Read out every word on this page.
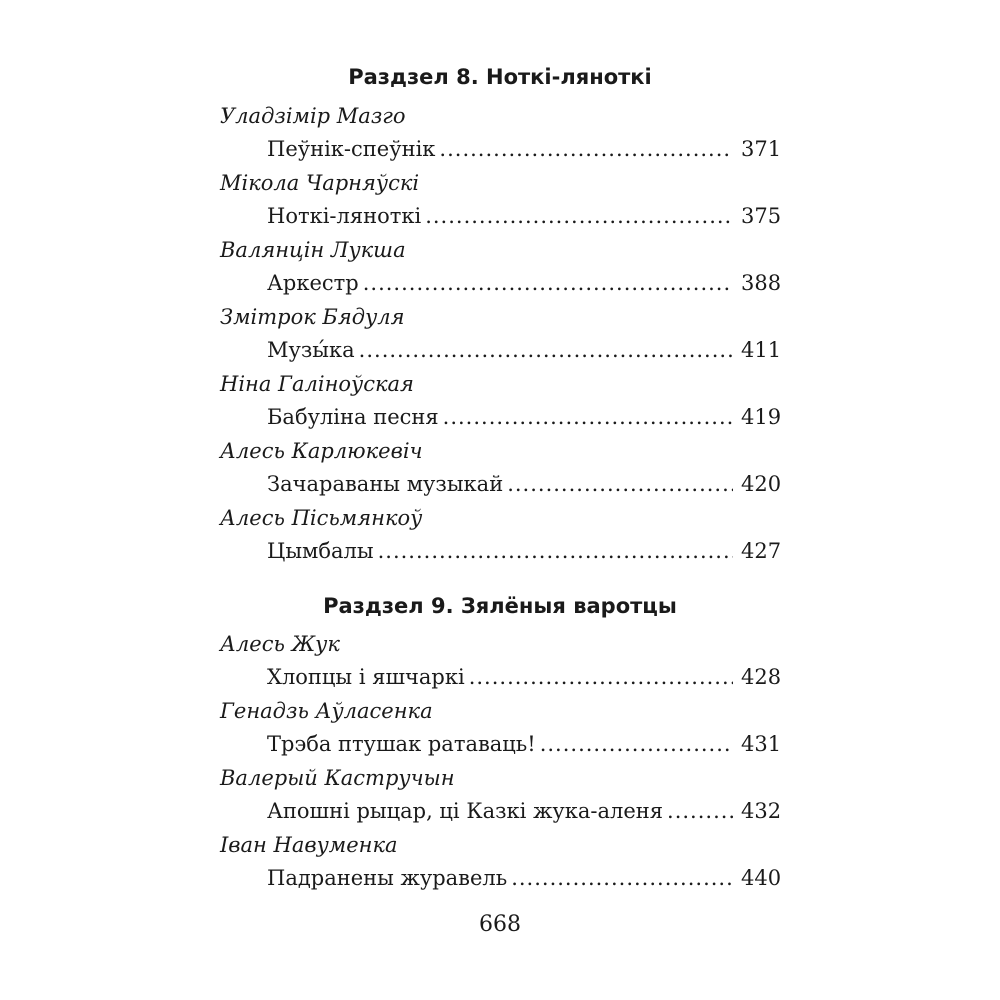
Раздзел 8. Ноткі-ляноткі
Уладзімір Мазго
Пеўнік-спеўнік .....	371
Мікола Чарняўскі
Ноткі-ляноткі .....	375
Валянцін Лукша
Аркестр .....	388
Змітрок Бядуля
Музы́ка .....	411
Ніна Галіноўская
Бабуліна песня .....	419
Алесь Карлюкевіч
Зачараваны музыкай .....	420
Алесь Пісьмянкоў
Цымбалы .....	427
Раздзел 9. Зялёныя варотцы
Алесь Жук
Хлопцы і яшчаркі .....	428
Генадзь Аўласенка
Трэба птушак ратаваць! .....	431
Валерый Кастручын
Апошні рыцар, ці Казкі жука-аленя .....	432
Іван Навуменка
Падранены журавель .....	440
668
